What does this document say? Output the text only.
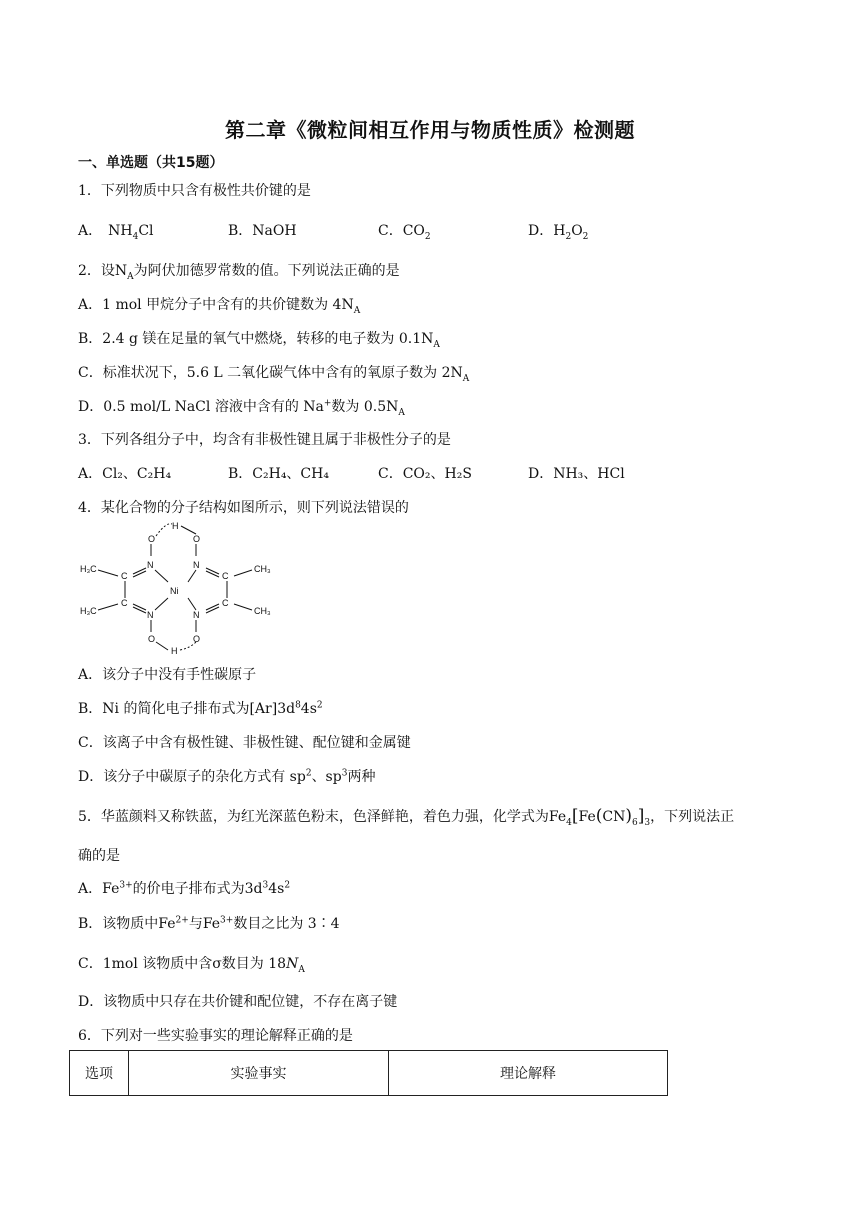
第二章《微粒间相互作用与物质性质》检测题
一、单选题（共15题）
1．下列物质中只含有极性共价键的是
A． $NH_4Cl$	B．NaOH	C．$CO_2$	D．$H_2O_2$
2．设$N_A$为阿伏加德罗常数的值。下列说法正确的是
A．1 mol 甲烷分子中含有的共价键数为 $4N_A$
B．2.4 g 镁在足量的氧气中燃烧，转移的电子数为 $0.1N_A$
C．标准状况下，5.6 L 二氧化碳气体中含有的氧原子数为 $2N_A$
D．0.5 mol/L NaCl 溶液中含有的 Na+数为 $0.5N_A$
3．下列各组分子中，均含有非极性键且属于非极性分子的是
A．Cl₂、C₂H₄	B．C₂H₄、CH₄	C．CO₂、H₂S	D．NH₃、HCl
4．某化合物的分子结构如图所示，则下列说法错误的
H
O	O
N	N
C	C
Ni
C	C
N	N
O	O
H
H₃C
H₃C
CH₃
CH₃
A．该分子中没有手性碳原子
B．Ni 的简化电子排布式为$[Ar]3d^84s^2$
C．该离子中含有极性键、非极性键、配位键和金属键
D．该分子中碳原子的杂化方式有 $sp^2$、$sp^3$两种
5．华蓝颜料又称铁蓝，为红光深蓝色粉末，色泽鲜艳，着色力强，化学式为$Fe_4[Fe(CN)_6]_3$，下列说法正
确的是
A．$Fe^{3+}$的价电子排布式为$3d^34s^2$
B．该物质中$Fe^{2+}$与$Fe^{3+}$数目之比为 3∶4
C．1mol 该物质中含σ数目为 $18N_A$
D．该物质中只存在共价键和配位键，不存在离子键
6．下列对一些实验事实的理论解释正确的是
选项	实验事实	理论解释
